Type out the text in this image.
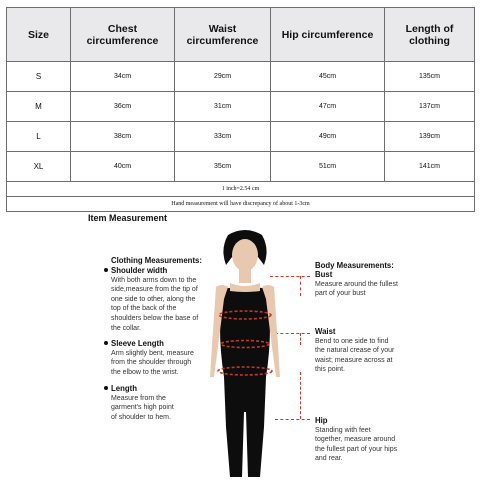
Size	Chest circumference	Waist circumference	Hip circumference	Length of clothing
S	34cm	29cm	45cm	135cm
M	36cm	31cm	47cm	137cm
L	38cm	33cm	49cm	139cm
XL	40cm	35cm	51cm	141cm
1 inch=2.54 cm				
Hand measurement will have discrepancy of about 1-3cm				
Item Measurement
Clothing Measurements:
Shoulder width
With both arms down to the side,measure from the tip of one side to other, along the top of the back of the shoulders below the base of the collar.
Sleeve Length
Arm slightly bent, measure from the shoulder through the elbow to the wrist.
Length
Measure from the garment's high point of shoulder to hem.
Body Measurements:
Bust
Measure around the fullest part of your bust
Waist
Bend to one side to find the natural crease of your waist; measure across at this point.
Hip
Standing with feet together, measure around the fullest part of your hips and rear.
